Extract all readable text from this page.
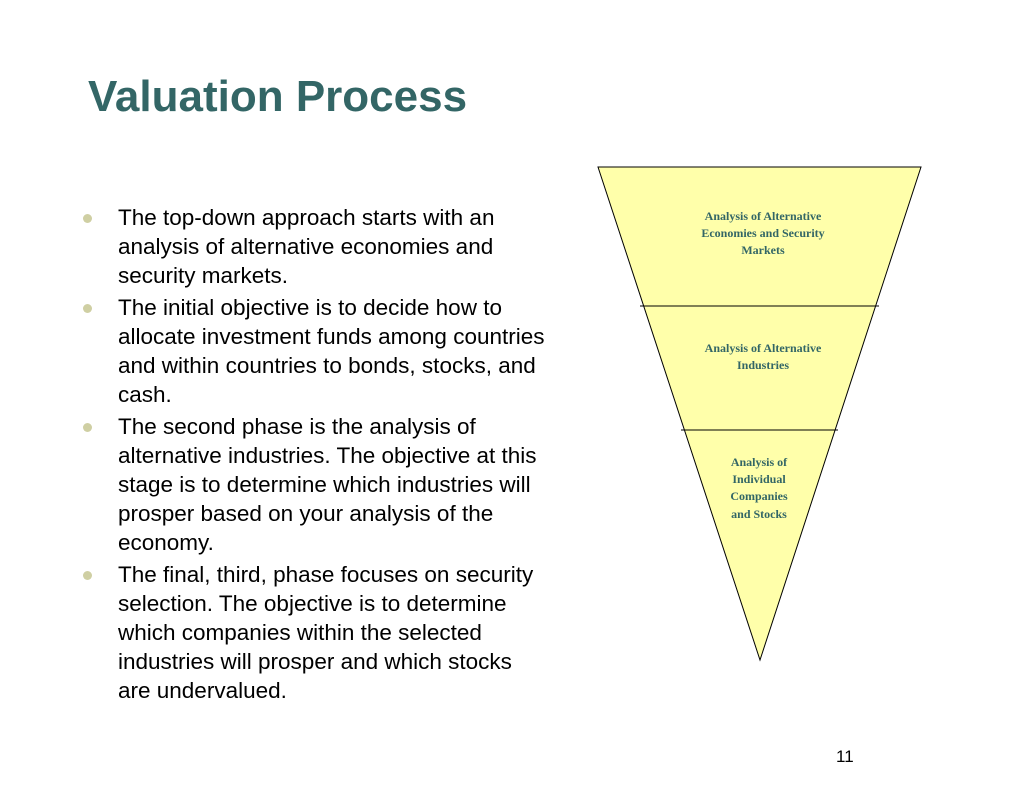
Valuation Process
The top-down approach starts with an analysis of alternative economies and security markets.
The initial objective is to decide how to allocate investment funds among countries and within countries to bonds, stocks, and cash.
The second phase is the analysis of alternative industries. The objective at this stage is to determine which industries will prosper based on your analysis of the economy.
The final, third, phase focuses on security selection. The objective is to determine which companies within the selected industries will prosper and which stocks are undervalued.
Analysis of Alternative
Economies and Security
Markets
Analysis of Alternative
Industries
Analysis of
Individual
Companies
and Stocks
11
